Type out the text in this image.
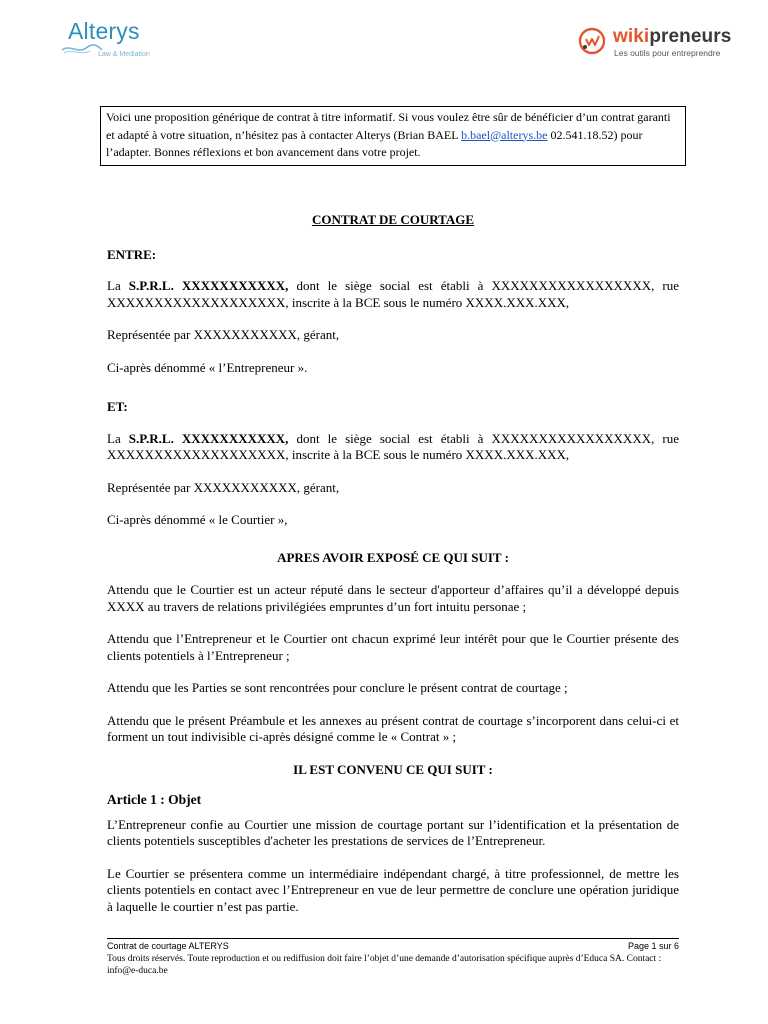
Alterys
Law & Mediation
wikipreneurs
Les outils pour entreprendre
Voici une proposition générique de contrat à titre informatif. Si vous voulez être sûr de bénéficier d’un contrat garanti et adapté à votre situation, n’hésitez pas à contacter Alterys (Brian BAEL b.bael@alterys.be 02.541.18.52) pour l’adapter. Bonnes réflexions et bon avancement dans votre projet.

CONTRAT DE COURTAGE

ENTRE:

La S.P.R.L. XXXXXXXXXXX, dont le siège social est établi à XXXXXXXXXXXXXXXXX, rue XXXXXXXXXXXXXXXXXXX, inscrite à la BCE sous le numéro XXXX.XXX.XXX,

Représentée par XXXXXXXXXXX, gérant,

Ci-après dénommé « l’Entrepreneur ».

ET:

La S.P.R.L. XXXXXXXXXXX, dont le siège social est établi à XXXXXXXXXXXXXXXXX, rue XXXXXXXXXXXXXXXXXXX, inscrite à la BCE sous le numéro XXXX.XXX.XXX,

Représentée par XXXXXXXXXXX, gérant,

Ci-après dénommé « le Courtier »,

APRES AVOIR EXPOSÉ CE QUI SUIT :

Attendu que le Courtier est un acteur réputé dans le secteur d'apporteur d’affaires qu’il a développé depuis XXXX au travers de relations privilégiées empruntes d’un fort intuitu personae ;

Attendu que l’Entrepreneur et le Courtier ont chacun exprimé leur intérêt pour que le Courtier présente des clients potentiels à l’Entrepreneur ;

Attendu que les Parties se sont rencontrées pour conclure le présent contrat de courtage ;

Attendu que le présent Préambule et les annexes au présent contrat de courtage s’incorporent dans celui-ci et forment un tout indivisible ci-après désigné comme le « Contrat » ;

IL EST CONVENU CE QUI SUIT :

Article 1 : Objet

L’Entrepreneur confie au Courtier une mission de courtage portant sur l’identification et la présentation de clients potentiels susceptibles d'acheter les prestations de services de l’Entrepreneur.

Le Courtier se présentera comme un intermédiaire indépendant chargé, à titre professionnel, de mettre les clients potentiels en contact avec l’Entrepreneur en vue de leur permettre de conclure une opération juridique à laquelle le courtier n’est pas partie.

Contrat de courtage ALTERYS	Page 1 sur 6
Tous droits réservés. Toute reproduction et ou rediffusion doit faire l’objet d’une demande d’autorisation spécifique auprès d’Educa SA. Contact : info@e-duca.be
